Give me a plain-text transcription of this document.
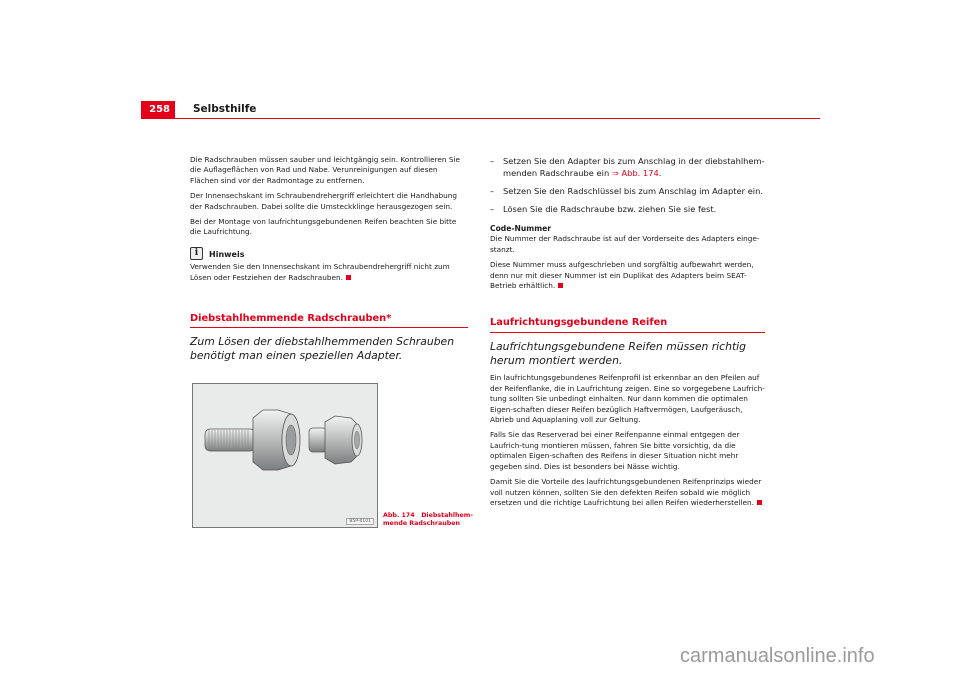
258	Selbsthilfe

Die Radschrauben müssen sauber und leichtgängig sein. Kontrollieren Sie die Auflageflächen von Rad und Nabe. Verunreinigungen auf diesen Flächen sind vor der Radmontage zu entfernen.

Der Innensechskant im Schraubendrehergriff erleichtert die Handhabung der Radschrauben. Dabei sollte die Umsteckklinge herausgezogen sein.

Bei der Montage von laufrichtungsgebundenen Reifen beachten Sie bitte die Laufrichtung.

i	Hinweis

Verwenden Sie den Innensechskant im Schraubendrehergriff nicht zum Lösen oder Festziehen der Radschrauben.

Diebstahlhemmende Radschrauben*
Zum Lösen der diebstahlhemmenden Schrauben benötigt man einen speziellen Adapter.
B5P-0101
Abb. 174 Diebstahlhem-mende Radschrauben
–	Setzen Sie den Adapter bis zum Anschlag in der diebstahlhem-menden Radschraube ein ⇒ Abb. 174.
–	Setzen Sie den Radschlüssel bis zum Anschlag im Adapter ein.
–	Lösen Sie die Radschraube bzw. ziehen Sie sie fest.
Code-Nummer

Die Nummer der Radschraube ist auf der Vorderseite des Adapters einge-stanzt.

Diese Nummer muss aufgeschrieben und sorgfältig aufbewahrt werden, denn nur mit dieser Nummer ist ein Duplikat des Adapters beim SEAT-Betrieb erhältlich.

Laufrichtungsgebundene Reifen
Laufrichtungsgebundene Reifen müssen richtig herum montiert werden.

Ein laufrichtungsgebundenes Reifenprofil ist erkennbar an den Pfeilen auf der Reifenflanke, die in Laufrichtung zeigen. Eine so vorgegebene Laufrich-tung sollten Sie unbedingt einhalten. Nur dann kommen die optimalen Eigen-schaften dieser Reifen bezüglich Haftvermögen, Laufgeräusch, Abrieb und Aquaplaning voll zur Geltung.

Falls Sie das Reserverad bei einer Reifenpanne einmal entgegen der Laufrich-tung montieren müssen, fahren Sie bitte vorsichtig, da die optimalen Eigen-schaften des Reifens in dieser Situation nicht mehr gegeben sind. Dies ist besonders bei Nässe wichtig.

Damit Sie die Vorteile des laufrichtungsgebundenen Reifenprinzips wieder voll nutzen können, sollten Sie den defekten Reifen sobald wie möglich ersetzen und die richtige Laufrichtung bei allen Reifen wiederherstellen.

carmanualsonline.info
